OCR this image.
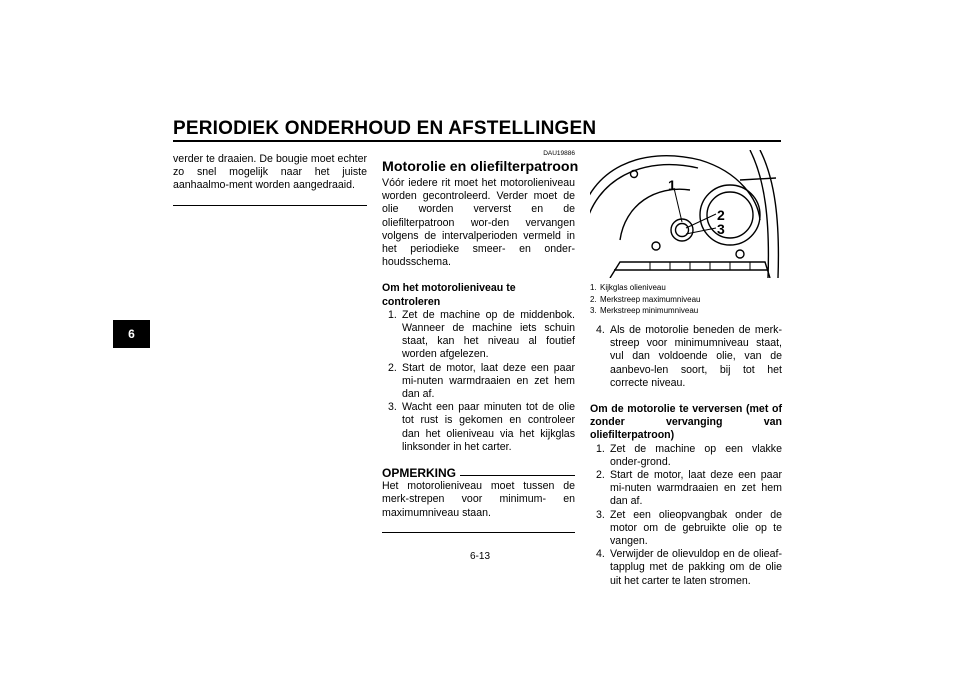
PERIODIEK ONDERHOUD EN AFSTELLINGEN
6
verder te draaien. De bougie moet echter zo snel mogelijk naar het juiste aanhaalmo-ment worden aangedraaid.
DAU19886
Motorolie en oliefilterpatroon
Vóór iedere rit moet het motorolieniveau worden gecontroleerd. Verder moet de olie worden ververst en de oliefilterpatroon wor-den vervangen volgens de intervalperioden vermeld in het periodieke smeer- en onder-houdsschema.
Om het motorolieniveau te controleren
1. Zet de machine op de middenbok. Wanneer de machine iets schuin staat, kan het niveau al foutief worden afgelezen.
2. Start de motor, laat deze een paar mi-nuten warmdraaien en zet hem dan af.
3. Wacht een paar minuten tot de olie tot rust is gekomen en controleer dan het olieniveau via het kijkglas linksonder in het carter.
OPMERKING
Het motorolieniveau moet tussen de merk-strepen voor minimum- en maximumniveau staan.
1
2
3
1. Kijkglas olieniveau
2. Merkstreep maximumniveau
3. Merkstreep minimumniveau
4. Als de motorolie beneden de merk-streep voor minimumniveau staat, vul dan voldoende olie, van de aanbevo-len soort, bij tot het correcte niveau.
Om de motorolie te verversen (met of zonder vervanging van oliefilterpatroon)
1. Zet de machine op een vlakke onder-grond.
2. Start de motor, laat deze een paar mi-nuten warmdraaien en zet hem dan af.
3. Zet een olieopvangbak onder de motor om de gebruikte olie op te vangen.
4. Verwijder de olievuldop en de olieaf-tapplug met de pakking om de olie uit het carter te laten stromen.
6-13
